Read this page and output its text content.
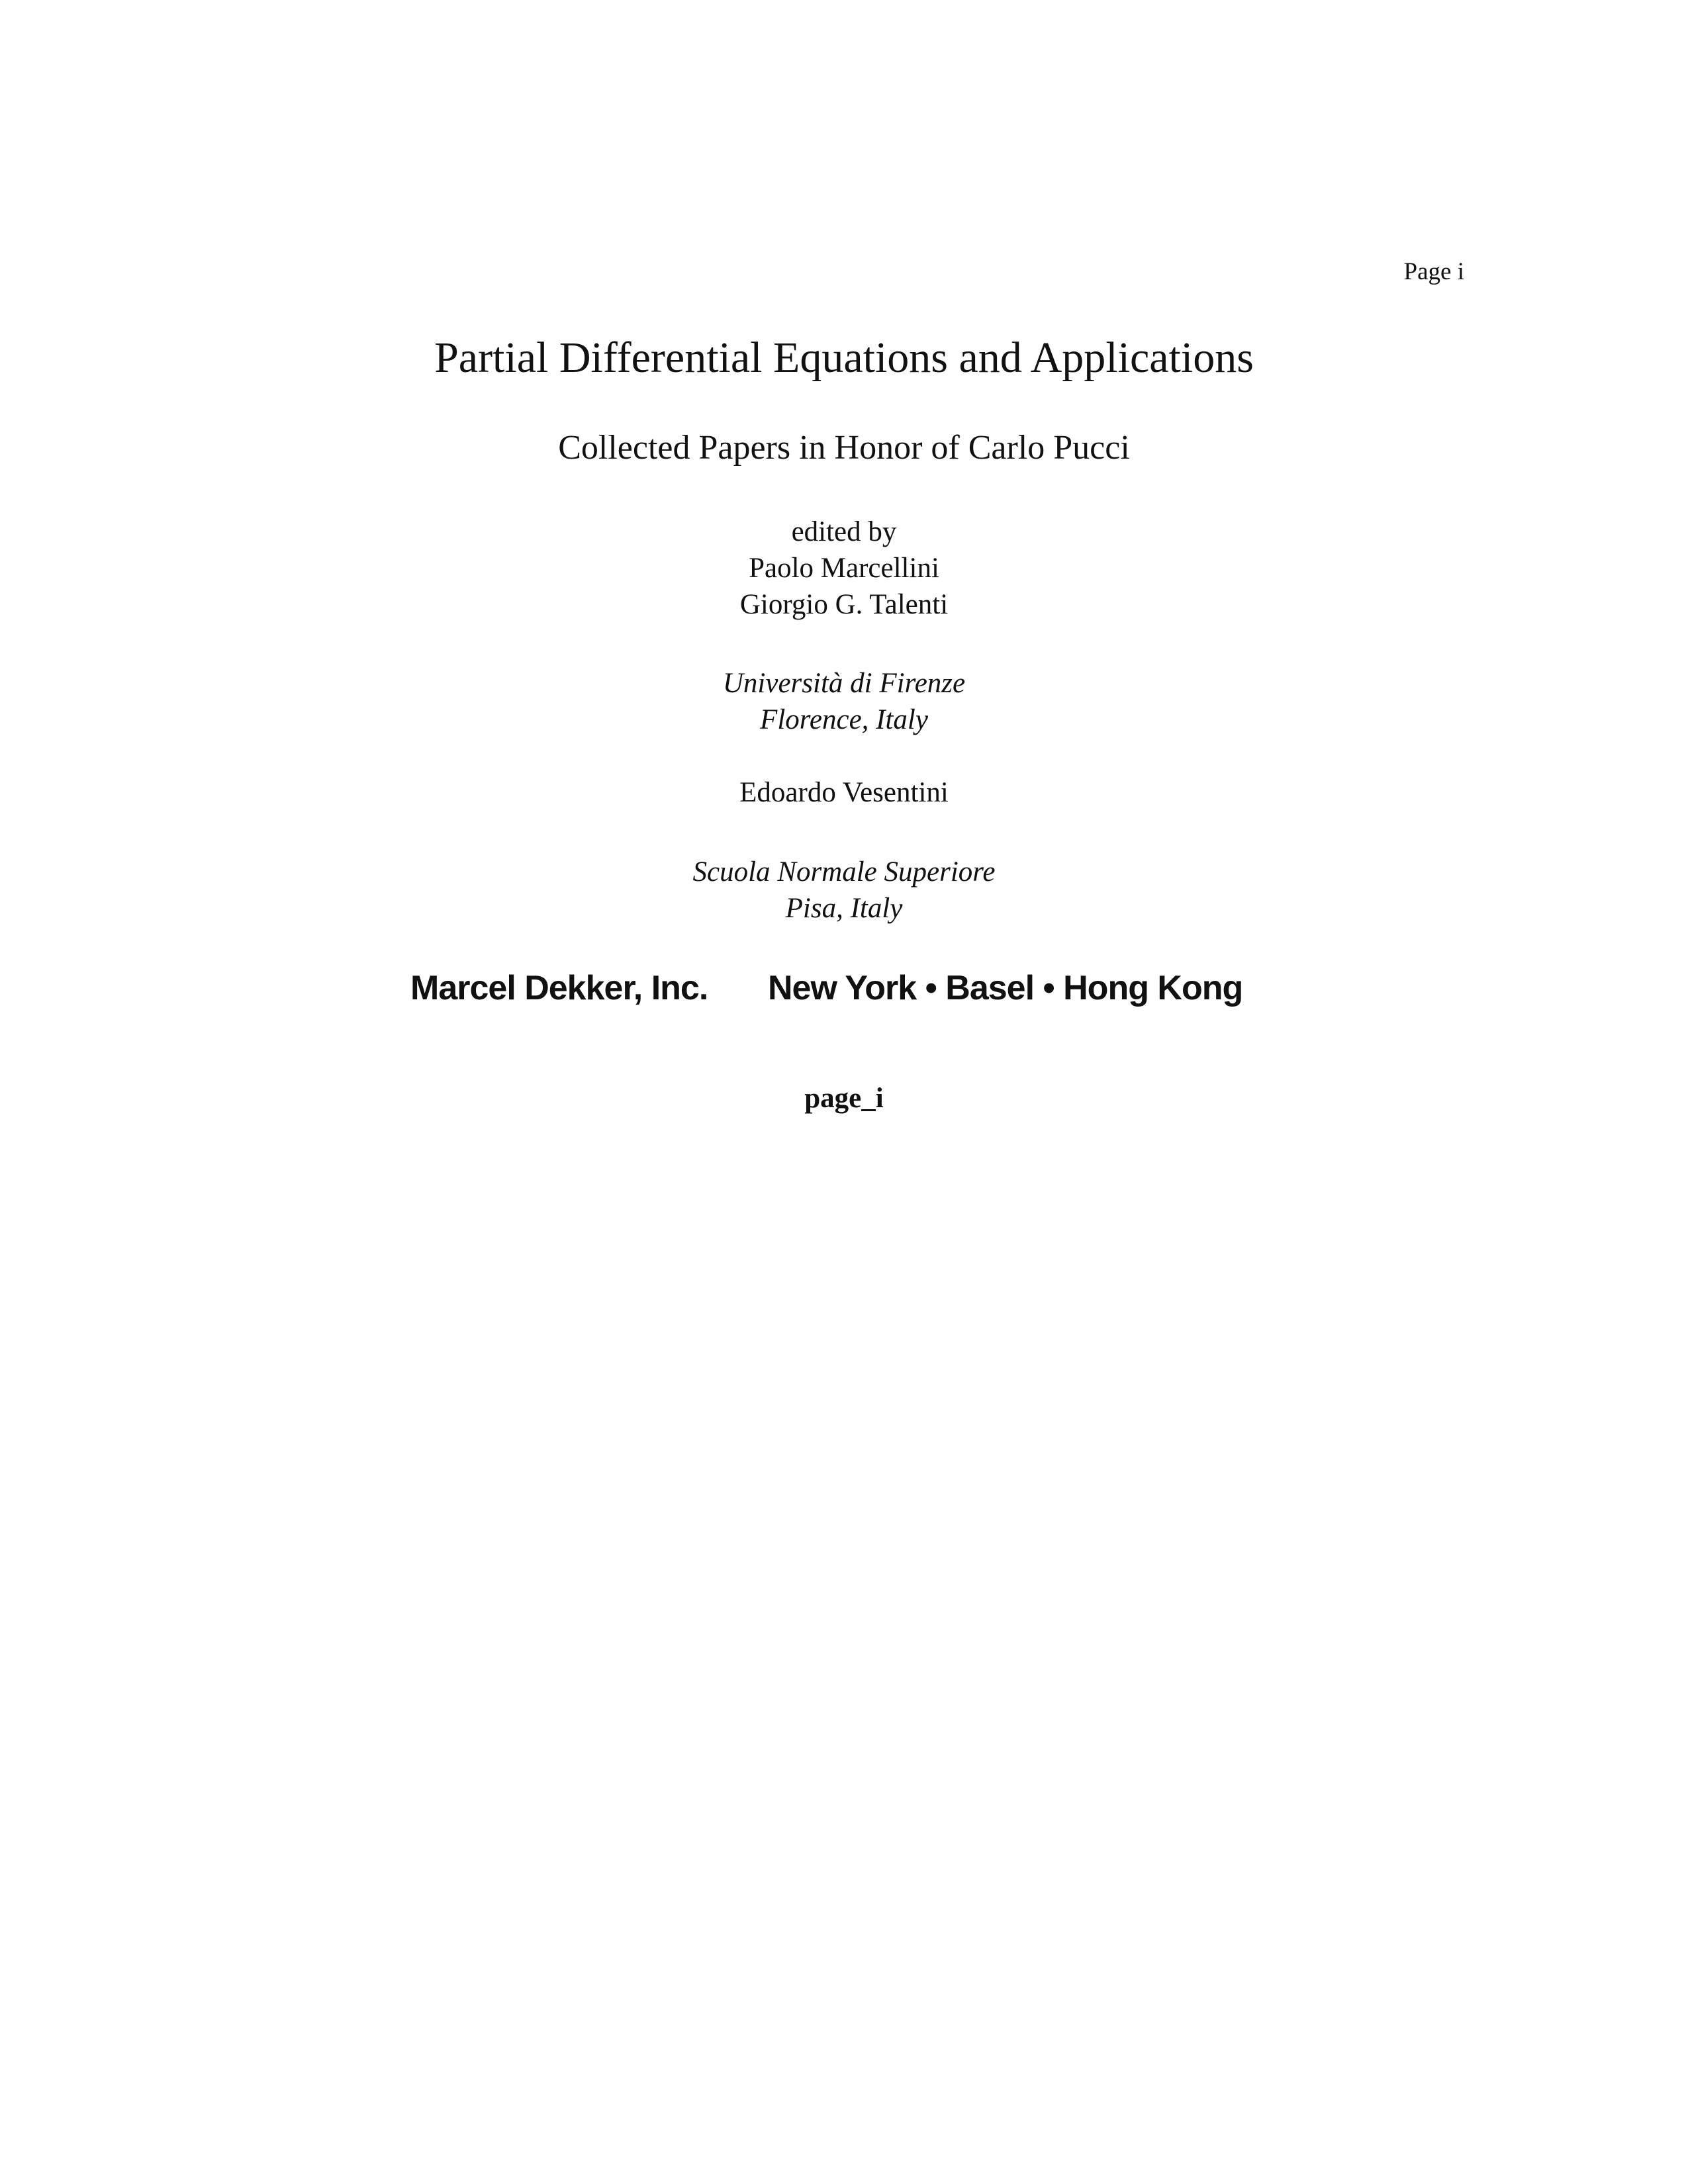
Page i
Partial Differential Equations and Applications
Collected Papers in Honor of Carlo Pucci
edited by
Paolo Marcellini
Giorgio G. Talenti
Università di Firenze
Florence, Italy
Edoardo Vesentini
Scuola Normale Superiore
Pisa, Italy
Marcel Dekker, Inc. New York • Basel • Hong Kong
page_i
